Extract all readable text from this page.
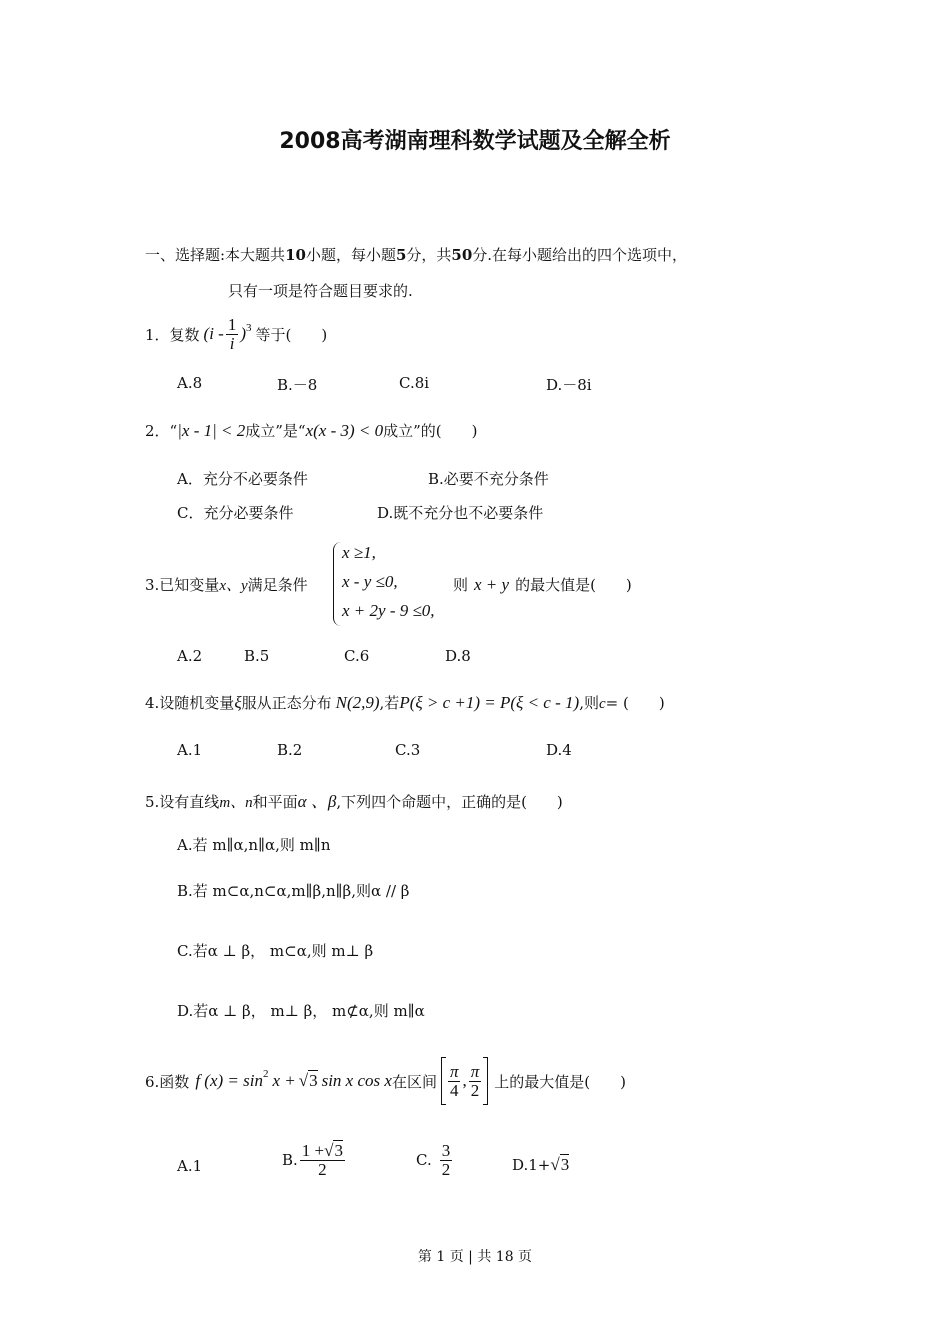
2008高考湖南理科数学试题及全解全析
一、选择题:本大题共10小题，每小题5分，共50分.在每小题给出的四个选项中，
只有一项是符合题目要求的.
1．复数 $(i - \frac{1}{i} )^3$ 等于(　　)
A.8	B.－8	C.8i	D.－8i
2．“|x - 1| < 2成立”是“x(x - 3) < 0成立”的(　　)
A．充分不必要条件	B.必要不充分条件
C．充分必要条件	D.既不充分也不必要条件
3.已知变量x、y满足条件
x ≥1,
x - y ≤0,
x + 2y - 9 ≤0,
则 x + y 的最大值是(　　)
A.2	B.5	C.6	D.8
4.设随机变量ξ服从正态分布 N(2,9),若P(ξ > c +1) = P(ξ < c - 1),则c= (　　)
A.1	B.2	C.3	D.4
5.设有直线m、n和平面α 、β,下列四个命题中，正确的是(　　)
A.若 m∥α,n∥α,则 m∥n
B.若 m⊂α,n⊂α,m∥β,n∥β,则α // β
C.若α ⊥ β， m⊂α,则 m⊥ β
D.若α ⊥ β， m⊥ β， m⊄α,则 m∥α
6.函数 f $(x) = \sin^2 x + √3$ sin x cos x 在区间 $\frac{\pi}{4}$ , $\frac{\pi}{2}$ 上的最大值是(　　)
A.1	B. $\frac{1 +√3}{2}$	C. $\frac{3}{2}$	D.1+√3
第 1 页 | 共 18 页
